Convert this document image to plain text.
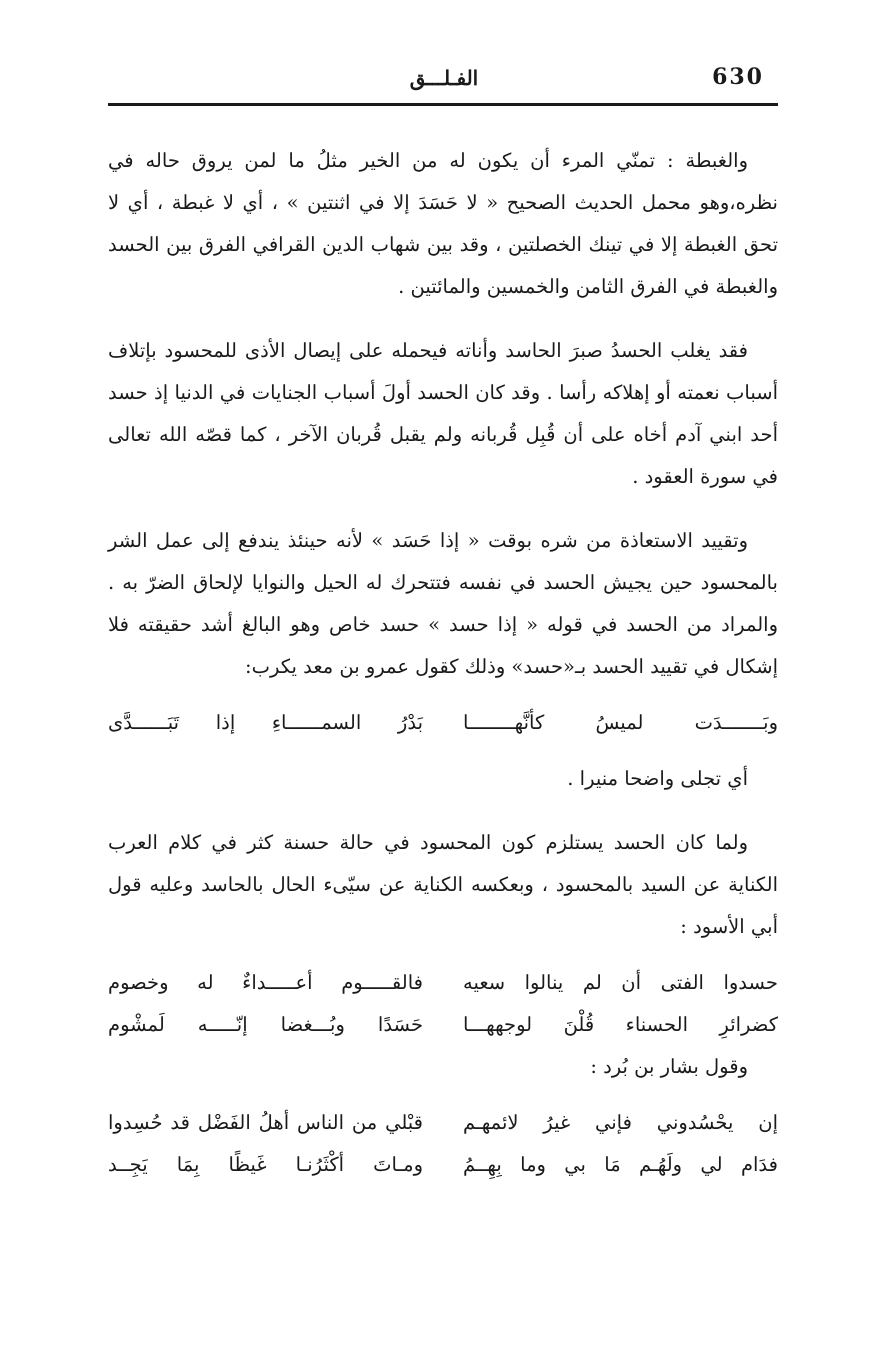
630
الفـلـــق

والغبطة : تمنّي المرء أن يكون له من الخير مثلُ ما لمن يروق حاله في نظره،وهو محمل الحديث الصحيح « لا حَسَدَ إلا في اثنتين » ، أي لا غبطة ، أي لا تحق الغبطة إلا في تينك الخصلتين ، وقد بين شهاب الدين القرافي الفرق بين الحسد والغبطة في الفرق الثامن والخمسين والمائتين .

فقد يغلب الحسدُ صبرَ الحاسد وأناته فيحمله على إيصال الأذى للمحسود بإتلاف أسباب نعمته أو إهلاكه رأسا . وقد كان الحسد أولَ أسباب الجنايات في الدنيا إذ حسد أحد ابني آدم أخاه على أن قُبِل قُربانه ولم يقبل قُربان الآخر ، كما قصّه الله تعالى في سورة العقود .

وتقييد الاستعاذة من شره بوقت « إذا حَسَد » لأنه حينئذ يندفع إلى عمل الشر بالمحسود حين يجيش الحسد في نفسه فتتحرك له الحيل والنوايا لإلحاق الضرّ به . والمراد من الحسد في قوله « إذا حسد » حسد خاص وهو البالغ أشد حقيقته فلا إشكال في تقييد الحسد بـ«حسد» وذلك كقول عمرو بن معد يكرب:

وبَـــــــدَت لميسُ كأنَّهــــــــا
بَدْرُ السمــــــاءِ إذا تَبَــــــدَّى

أي تجلى واضحا منيرا .

ولما كان الحسد يستلزم كون المحسود في حالة حسنة كثر في كلام العرب الكناية عن السيد بالمحسود ، وبعكسه الكناية عن سيّىء الحال بالحاسد وعليه قول أبي الأسود :

حسدوا الفتى أن لم ينالوا سعيه
فالقـــــوم أعـــــداءٌ له وخصوم
كضرائرِ الحسناء قُلْنَ لوجههـــا
حَسَدًا وبُـــغضا إنّـــــه لَمشْوم
وقول بشار بن بُرد :
إن يحْسُدوني فإني غيرُ لائمهـم
قبْلي من الناس أهلُ الفَضْل قد حُسِدوا
فدَام لي ولَهُـم مَا بي وما بِهِــمُ
ومـاتَ أكْثَرُنـا غَيظًا بِمَا يَجِــد
